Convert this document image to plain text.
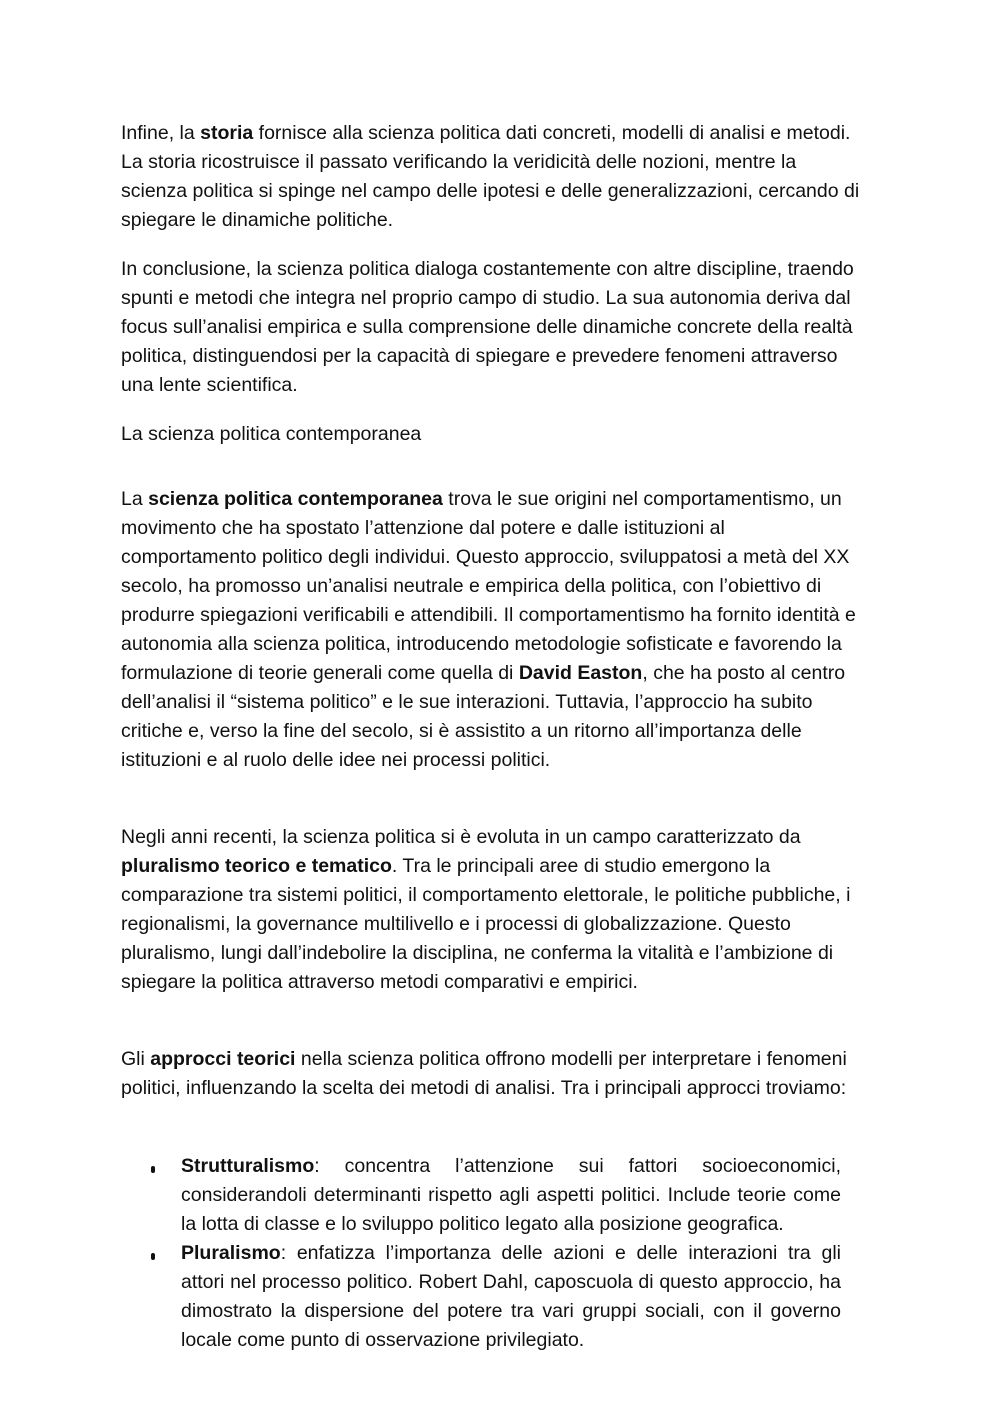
Infine, la storia fornisce alla scienza politica dati concreti, modelli di analisi e metodi. La storia ricostruisce il passato verificando la veridicità delle nozioni, mentre la scienza politica si spinge nel campo delle ipotesi e delle generalizzazioni, cercando di spiegare le dinamiche politiche.

In conclusione, la scienza politica dialoga costantemente con altre discipline, traendo spunti e metodi che integra nel proprio campo di studio. La sua autonomia deriva dal focus sull’analisi empirica e sulla comprensione delle dinamiche concrete della realtà politica, distinguendosi per la capacità di spiegare e prevedere fenomeni attraverso una lente scientifica.

La scienza politica contemporanea

La scienza politica contemporanea trova le sue origini nel comportamentismo, un movimento che ha spostato l’attenzione dal potere e dalle istituzioni al comportamento politico degli individui. Questo approccio, sviluppatosi a metà del XX secolo, ha promosso un’analisi neutrale e empirica della politica, con l’obiettivo di produrre spiegazioni verificabili e attendibili. Il comportamentismo ha fornito identità e autonomia alla scienza politica, introducendo metodologie sofisticate e favorendo la formulazione di teorie generali come quella di David Easton, che ha posto al centro dell’analisi il “sistema politico” e le sue interazioni. Tuttavia, l’approccio ha subito critiche e, verso la fine del secolo, si è assistito a un ritorno all’importanza delle istituzioni e al ruolo delle idee nei processi politici.

Negli anni recenti, la scienza politica si è evoluta in un campo caratterizzato da pluralismo teorico e tematico. Tra le principali aree di studio emergono la comparazione tra sistemi politici, il comportamento elettorale, le politiche pubbliche, i regionalismi, la governance multilivello e i processi di globalizzazione. Questo pluralismo, lungi dall’indebolire la disciplina, ne conferma la vitalità e l’ambizione di spiegare la politica attraverso metodi comparativi e empirici.

Gli approcci teorici nella scienza politica offrono modelli per interpretare i fenomeni politici, influenzando la scelta dei metodi di analisi. Tra i principali approcci troviamo:

Strutturalismo: concentra l’attenzione sui fattori socioeconomici, considerandoli determinanti rispetto agli aspetti politici. Include teorie come la lotta di classe e lo sviluppo politico legato alla posizione geografica.
Pluralismo: enfatizza l’importanza delle azioni e delle interazioni tra gli attori nel processo politico. Robert Dahl, caposcuola di questo approccio, ha dimostrato la dispersione del potere tra vari gruppi sociali, con il governo locale come punto di osservazione privilegiato.
